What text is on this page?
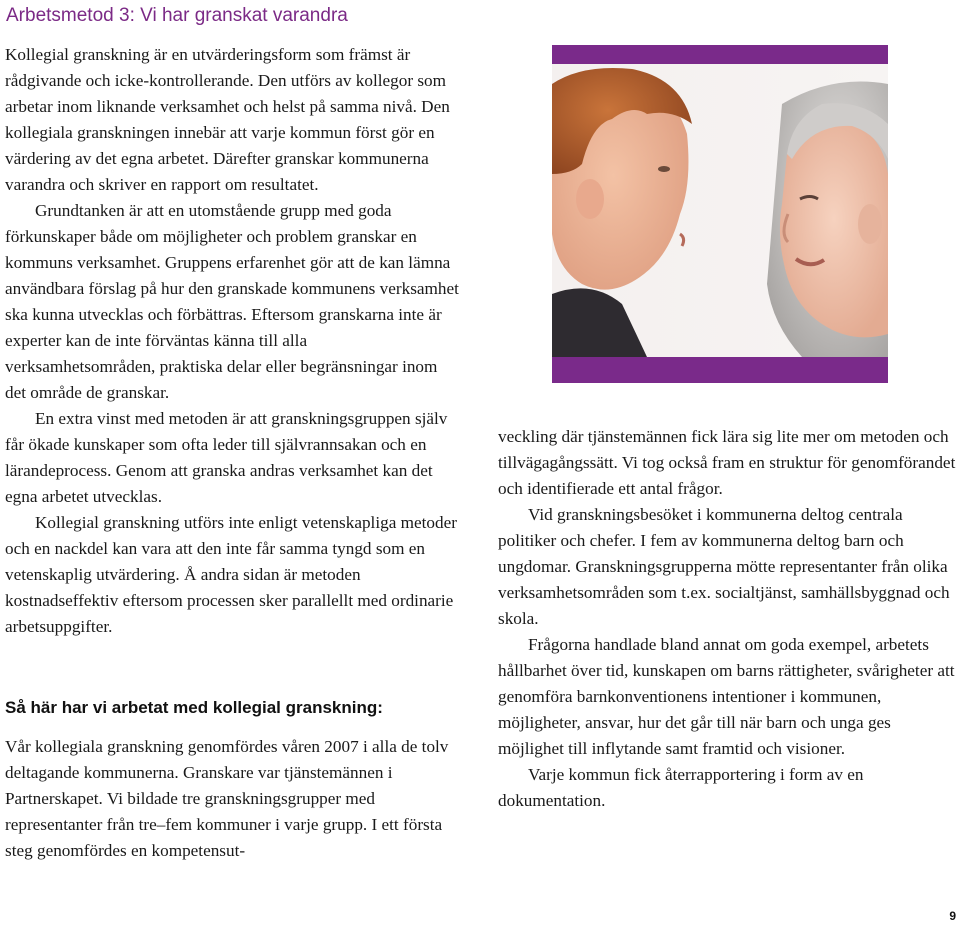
Arbetsmetod 3: Vi har granskat varandra

Kollegial granskning är en utvärderingsform som främst är rådgivande och icke-kontrollerande. Den utförs av kollegor som arbetar inom liknande verksamhet och helst på samma nivå. Den kollegiala granskningen innebär att varje kommun först gör en värdering av det egna arbetet. Därefter granskar kommunerna varandra och skriver en rapport om resultatet.

Grundtanken är att en utomstående grupp med goda förkunskaper både om möjligheter och problem granskar en kommuns verksamhet. Gruppens erfarenhet gör att de kan lämna användbara förslag på hur den granskade kommunens verksamhet ska kunna utvecklas och förbättras. Eftersom granskarna inte är experter kan de inte förväntas känna till alla verksamhetsområden, praktiska delar eller begränsningar inom det område de granskar.

En extra vinst med metoden är att granskningsgruppen själv får ökade kunskaper som ofta leder till självrannsakan och en lärandeprocess. Genom att granska andras verksamhet kan det egna arbetet utvecklas.

Kollegial granskning utförs inte enligt vetenskapliga metoder och en nackdel kan vara att den inte får samma tyngd som en vetenskaplig utvärdering. Å andra sidan är metoden kostnadseffektiv eftersom processen sker parallellt med ordinarie arbetsuppgifter.

Så här har vi arbetat med kollegial granskning:

Vår kollegiala granskning genomfördes våren 2007 i alla de tolv deltagande kommunerna. Granskare var tjänstemännen i Partnerskapet. Vi bildade tre granskningsgrupper med representanter från tre–fem kommuner i varje grupp. I ett första steg genomfördes en kompetensut-

veckling där tjänstemännen fick lära sig lite mer om metoden och tillvägagångssätt. Vi tog också fram en struktur för genomförandet och identifierade ett antal frågor.

Vid granskningsbesöket i kommunerna deltog centrala politiker och chefer. I fem av kommunerna deltog barn och ungdomar. Granskningsgrupperna mötte representanter från olika verksamhetsområden som t.ex. socialtjänst, samhällsbyggnad och skola.

Frågorna handlade bland annat om goda exempel, arbetets hållbarhet över tid, kunskapen om barns rättigheter, svårigheter att genomföra barnkonventionens intentioner i kommunen, möjligheter, ansvar, hur det går till när barn och unga ges möjlighet till inflytande samt framtid och visioner.

Varje kommun fick återrapportering i form av en dokumentation.

9
